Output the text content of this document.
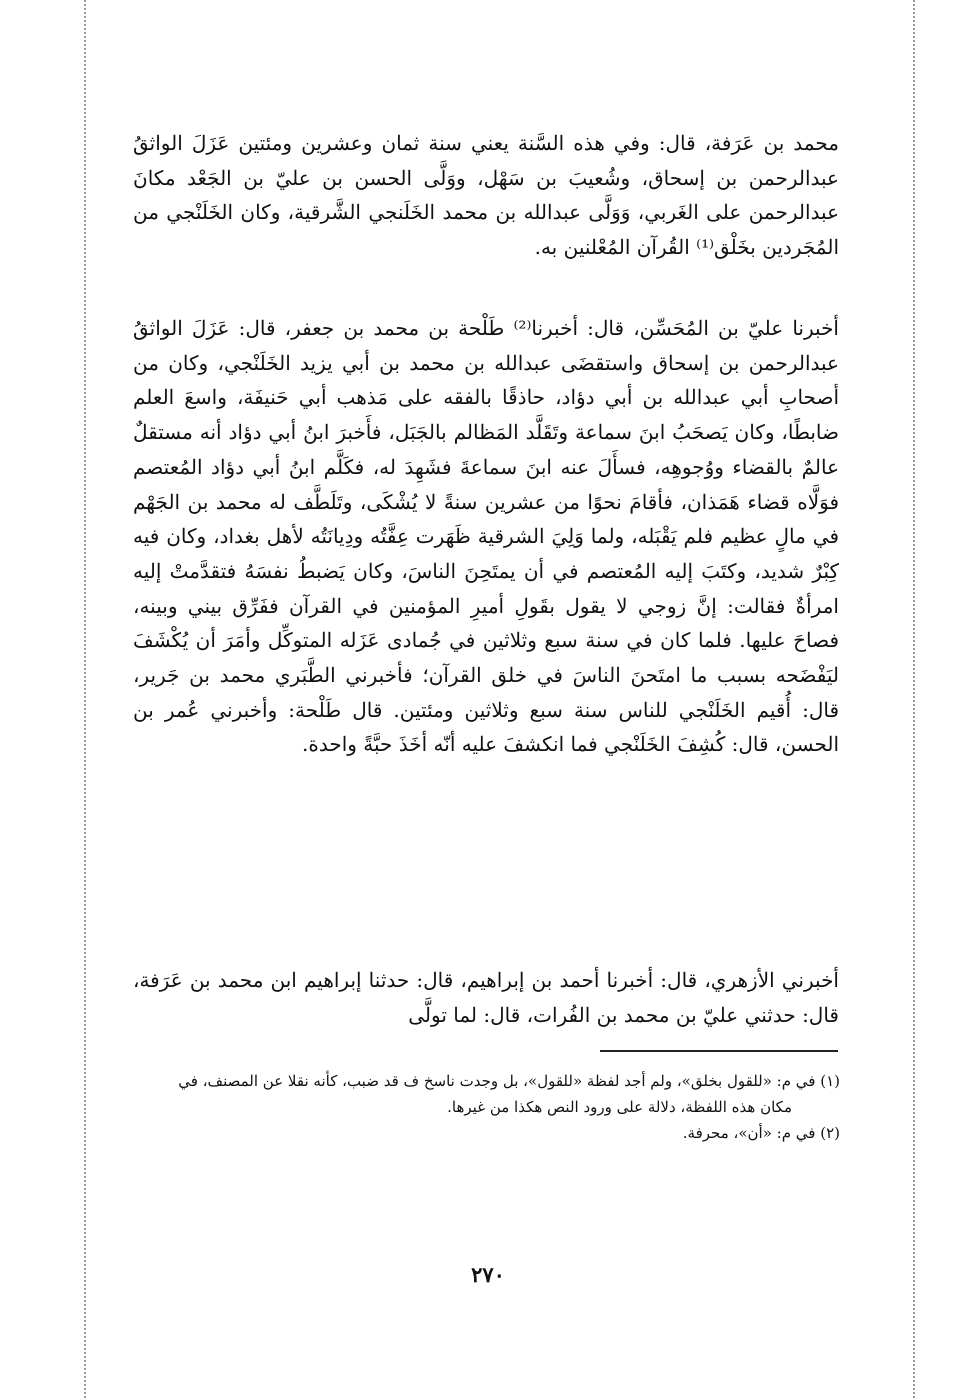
محمد بن عَرَفة، قال: وفي هذه السَّنة يعني سنة ثمان وعشرين ومئتين عَزَلَ الواثقُ عبدالرحمن بن إسحاق، وشُعيبَ بن سَهْل، ووَلَّى الحسن بن عليّ بن الجَعْد مكانَ عبدالرحمن على الغَربي، وَوَلَّى عبدالله بن محمد الخَلَنجي الشَّرقية، وكان الخَلَنْجي من المُجَردين بخَلْق⁽¹⁾ القُرآن المُعْلنين به.

أخبرنا عليّ بن المُحَسِّن، قال: أخبرنا⁽²⁾ طَلْحة بن محمد بن جعفر، قال: عَزَلَ الواثقُ عبدالرحمن بن إسحاق واستقضَى عبدالله بن محمد بن أبي يزيد الخَلَنْجي، وكان من أصحابِ أبي عبدالله بن أبي دؤاد، حاذقًا بالفقه على مَذهب أبي حَنيفَة، واسعَ العلم ضابطًا، وكان يَصحَبُ ابنَ سماعة وتَقَلَّد المَظالم بالجَبَل، فأَخبرَ ابنُ أبي دؤاد أنه مستقلٌ عالمٌ بالقضاء ووُجوهِه، فسأَلَ عنه ابنَ سماعةَ فشَهِدَ له، فكَلَّم ابنُ أبي دؤاد المُعتصم فوَلَّاه قضاء هَمَذان، فأقامَ نحوًا من عشرين سنةً لا يُشْكَى، وتَلَطَّف له محمد بن الجَهْم في مالٍ عظيم فلم يَقْبَله، ولما وَلِيَ الشرقية ظَهَرت عِفَّتُه ودِيانَتُه لأهل بغداد، وكان فيه كِبْرٌ شديد، وكتَبَ إليه المُعتصم في أن يمتَحِنَ الناسَ، وكان يَضبطُ نفسَهُ فتقدَّمتْ إليه امرأةٌ فقالت: إنَّ زوجي لا يقول بقَولِ أميرِ المؤمنين في القرآن ففَرِّق بيني وبينه، فصاحَ عليها. فلما كان في سنة سبع وثلاثين في جُمادى عَزَله المتوكِّل وأمَرَ أن يُكْشَفَ ليَفْضَحه بسبب ما امتَحنَ الناسَ في خلق القرآن؛ فأخبرني الطَّبَري محمد بن جَرير، قال: أُقيم الخَلَنْجي للناس سنة سبع وثلاثين ومئتين. قال طَلْحة: وأخبرني عُمر بن الحسن، قال: كُشِفَ الخَلَنْجي فما انكشفَ عليه أنّه أخَذَ حبَّةً واحدة.

أخبرني الأزهري، قال: أخبرنا أحمد بن إبراهيم، قال: حدثنا إبراهيم ابن محمد بن عَرَفة، قال: حدثني عليّ بن محمد بن الفُرات، قال: لما تولَّى

(١) في م: «للقول بخلق»، ولم أجد لفظة «للقول»، بل وجدت ناسخ ف قد ضبب، كأنه نقلا عن المصنف، في مكان هذه اللفظة، دلالة على ورود النص هكذا من غيرها.

(٢) في م: «أن»، محرفة.

٢٧٠
